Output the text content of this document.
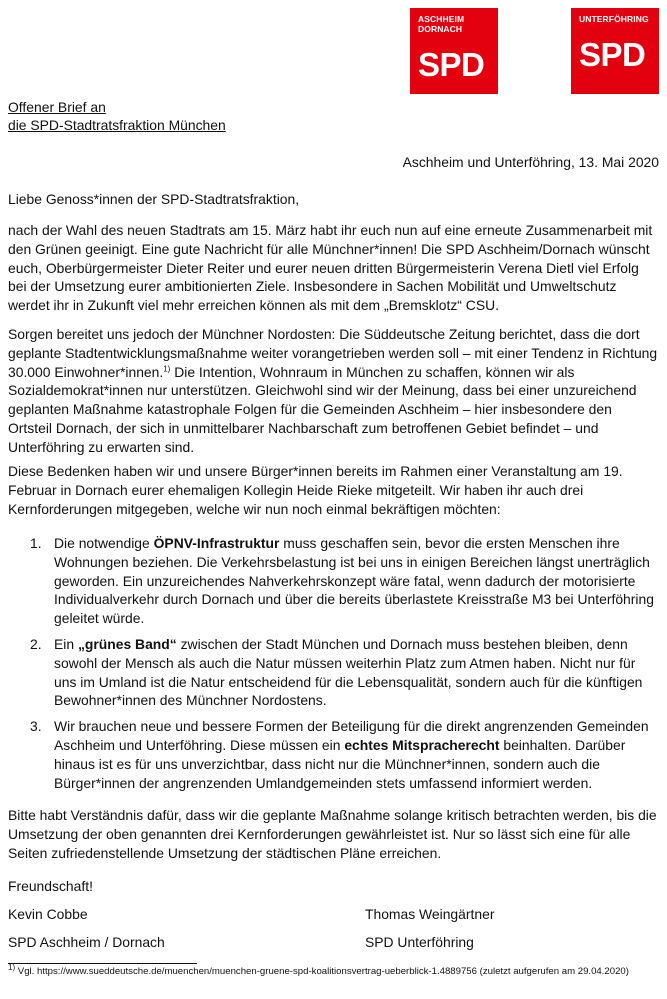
ASCHHEIM
DORNACH
SPD
UNTERFÖHRING
SPD
Offener Brief an
die SPD-Stadtratsfraktion München
Aschheim und Unterföhring, 13. Mai 2020
Liebe Genoss*innen der SPD-Stadtratsfraktion,

nach der Wahl des neuen Stadtrats am 15. März habt ihr euch nun auf eine erneute Zusammenarbeit mit den Grünen geeinigt. Eine gute Nachricht für alle Münchner*innen! Die SPD Aschheim/Dornach wünscht euch, Oberbürgermeister Dieter Reiter und eurer neuen dritten Bürgermeisterin Verena Dietl viel Erfolg bei der Umsetzung eurer ambitionierten Ziele. Insbesondere in Sachen Mobilität und Umweltschutz werdet ihr in Zukunft viel mehr erreichen können als mit dem „Bremsklotz“ CSU.

Sorgen bereitet uns jedoch der Münchner Nordosten: Die Süddeutsche Zeitung berichtet, dass die dort geplante Stadtentwicklungsmaßnahme weiter vorangetrieben werden soll – mit einer Tendenz in Richtung 30.000 Einwohner*innen.$^{1)}$ Die Intention, Wohnraum in München zu schaffen, können wir als Sozialdemokrat*innen nur unterstützen. Gleichwohl sind wir der Meinung, dass bei einer unzureichend geplanten Maßnahme katastrophale Folgen für die Gemeinden Aschheim – hier insbesondere den Ortsteil Dornach, der sich in unmittelbarer Nachbarschaft zum betroffenen Gebiet befindet – und Unterföhring zu erwarten sind.

Diese Bedenken haben wir und unsere Bürger*innen bereits im Rahmen einer Veranstaltung am 19. Februar in Dornach eurer ehemaligen Kollegin Heide Rieke mitgeteilt. Wir haben ihr auch drei Kernforderungen mitgegeben, welche wir nun noch einmal bekräftigen möchten:

1. Die notwendige ÖPNV-Infrastruktur muss geschaffen sein, bevor die ersten Menschen ihre Wohnungen beziehen. Die Verkehrsbelastung ist bei uns in einigen Bereichen längst unerträglich geworden. Ein unzureichendes Nahverkehrskonzept wäre fatal, wenn dadurch der motorisierte Individualverkehr durch Dornach und über die bereits überlastete Kreisstraße M3 bei Unterföhring geleitet würde.
2. Ein „grünes Band“ zwischen der Stadt München und Dornach muss bestehen bleiben, denn sowohl der Mensch als auch die Natur müssen weiterhin Platz zum Atmen haben. Nicht nur für uns im Umland ist die Natur entscheidend für die Lebensqualität, sondern auch für die künftigen Bewohner*innen des Münchner Nordostens.
3. Wir brauchen neue und bessere Formen der Beteiligung für die direkt angrenzenden Gemeinden Aschheim und Unterföhring. Diese müssen ein echtes Mitspracherecht beinhalten. Darüber hinaus ist es für uns unverzichtbar, dass nicht nur die Münchner*innen, sondern auch die Bürger*innen der angrenzenden Umlandgemeinden stets umfassend informiert werden.

Bitte habt Verständnis dafür, dass wir die geplante Maßnahme solange kritisch betrachten werden, bis die Umsetzung der oben genannten drei Kernforderungen gewährleistet ist. Nur so lässt sich eine für alle Seiten zufriedenstellende Umsetzung der städtischen Pläne erreichen.

Freundschaft!
Kevin Cobbe
SPD Aschheim / Dornach
Thomas Weingärtner
SPD Unterföhring
$^{1)}$ Vgl. https://www.sueddeutsche.de/muenchen/muenchen-gruene-spd-koalitionsvertrag-ueberblick-1.4889756 (zuletzt aufgerufen am 29.04.2020)
